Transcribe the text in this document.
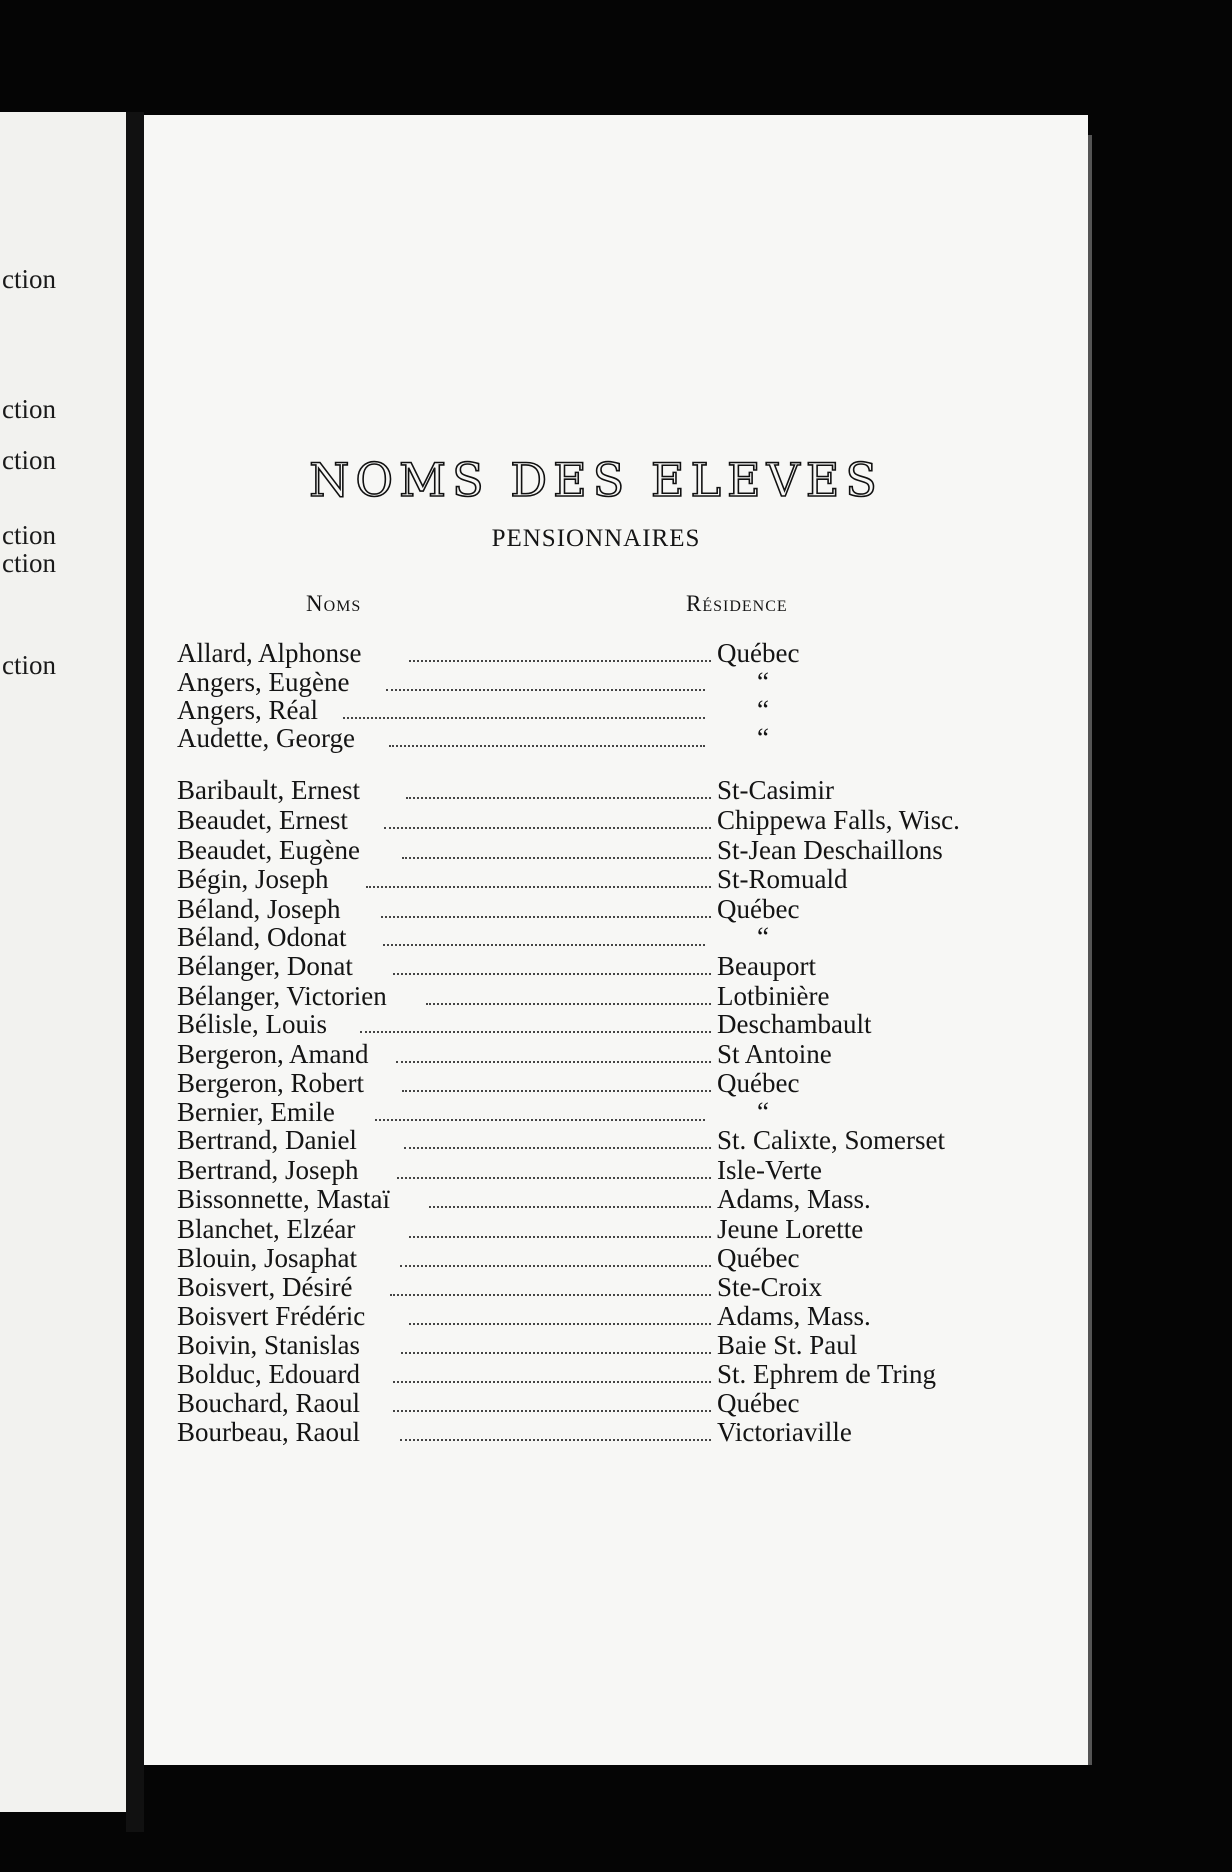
ction
ction
ction
ction
ction
ction
NOMS DES ELEVES
PENSIONNAIRES
Noms	Résidence
Allard, Alphonse	Québec
Angers, Eugène	“
Angers, Réal	“
Audette, George	“
Baribault, Ernest	St-Casimir
Beaudet, Ernest	Chippewa Falls, Wisc.
Beaudet, Eugène	St-Jean Deschaillons
Bégin, Joseph	St-Romuald
Béland, Joseph	Québec
Béland, Odonat	“
Bélanger, Donat	Beauport
Bélanger, Victorien	Lotbinière
Bélisle, Louis	Deschambault
Bergeron, Amand	St Antoine
Bergeron, Robert	Québec
Bernier, Emile	“
Bertrand, Daniel	St. Calixte, Somerset
Bertrand, Joseph	Isle-Verte
Bissonnette, Mastaï	Adams, Mass.
Blanchet, Elzéar	Jeune Lorette
Blouin, Josaphat	Québec
Boisvert, Désiré	Ste-Croix
Boisvert Frédéric	Adams, Mass.
Boivin, Stanislas	Baie St. Paul
Bolduc, Edouard	St. Ephrem de Tring
Bouchard, Raoul	Québec
Bourbeau, Raoul	Victoriaville
